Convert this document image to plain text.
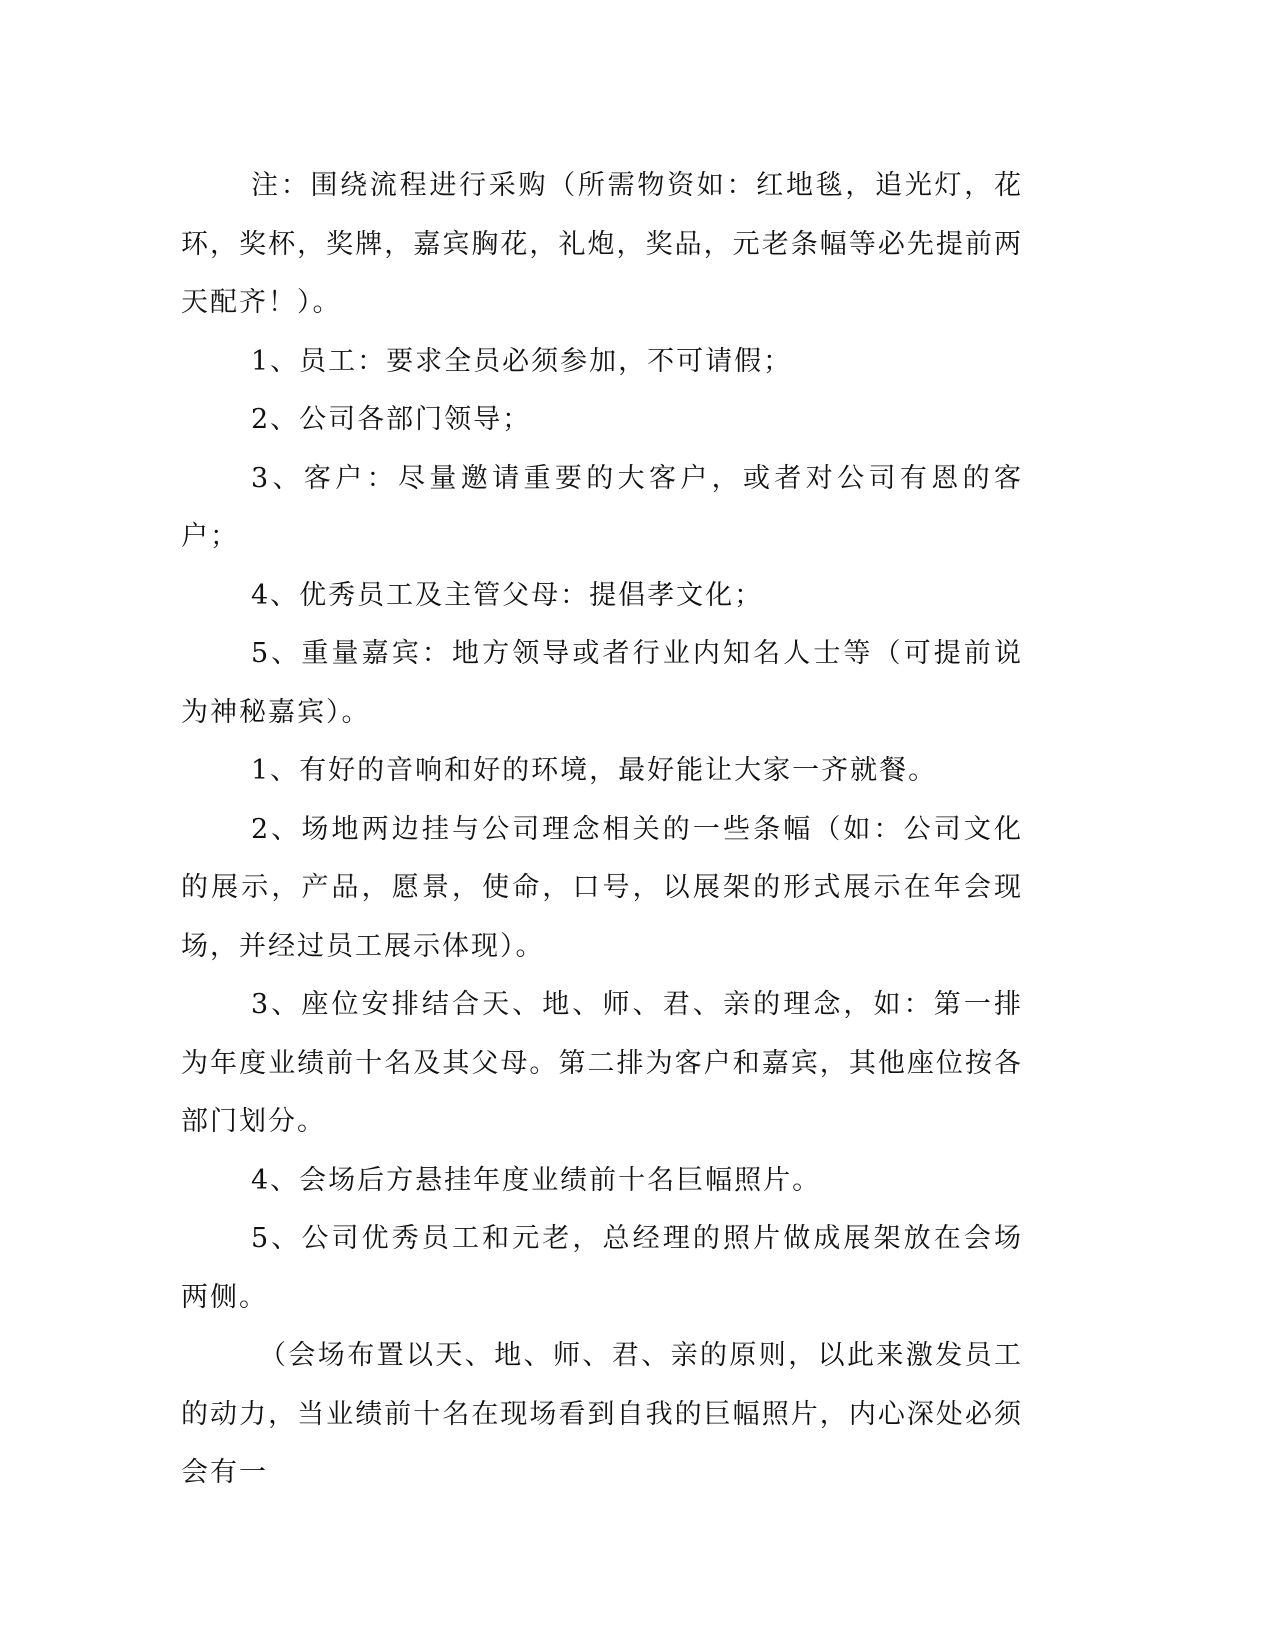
注：围绕流程进行采购（所需物资如：红地毯，追光灯，花环，奖杯，奖牌，嘉宾胸花，礼炮，奖品，元老条幅等必先提前两天配齐！）。

1、员工：要求全员必须参加，不可请假；

2、公司各部门领导；

3、客户：尽量邀请重要的大客户，或者对公司有恩的客户；

4、优秀员工及主管父母：提倡孝文化；

5、重量嘉宾：地方领导或者行业内知名人士等（可提前说为神秘嘉宾）。

1、有好的音响和好的环境，最好能让大家一齐就餐。

2、场地两边挂与公司理念相关的一些条幅（如：公司文化的展示，产品，愿景，使命，口号，以展架的形式展示在年会现场，并经过员工展示体现）。

3、座位安排结合天、地、师、君、亲的理念，如：第一排为年度业绩前十名及其父母。第二排为客户和嘉宾，其他座位按各部门划分。

4、会场后方悬挂年度业绩前十名巨幅照片。

5、公司优秀员工和元老，总经理的照片做成展架放在会场两侧。

（会场布置以天、地、师、君、亲的原则，以此来激发员工的动力，当业绩前十名在现场看到自我的巨幅照片，内心深处必须会有一
